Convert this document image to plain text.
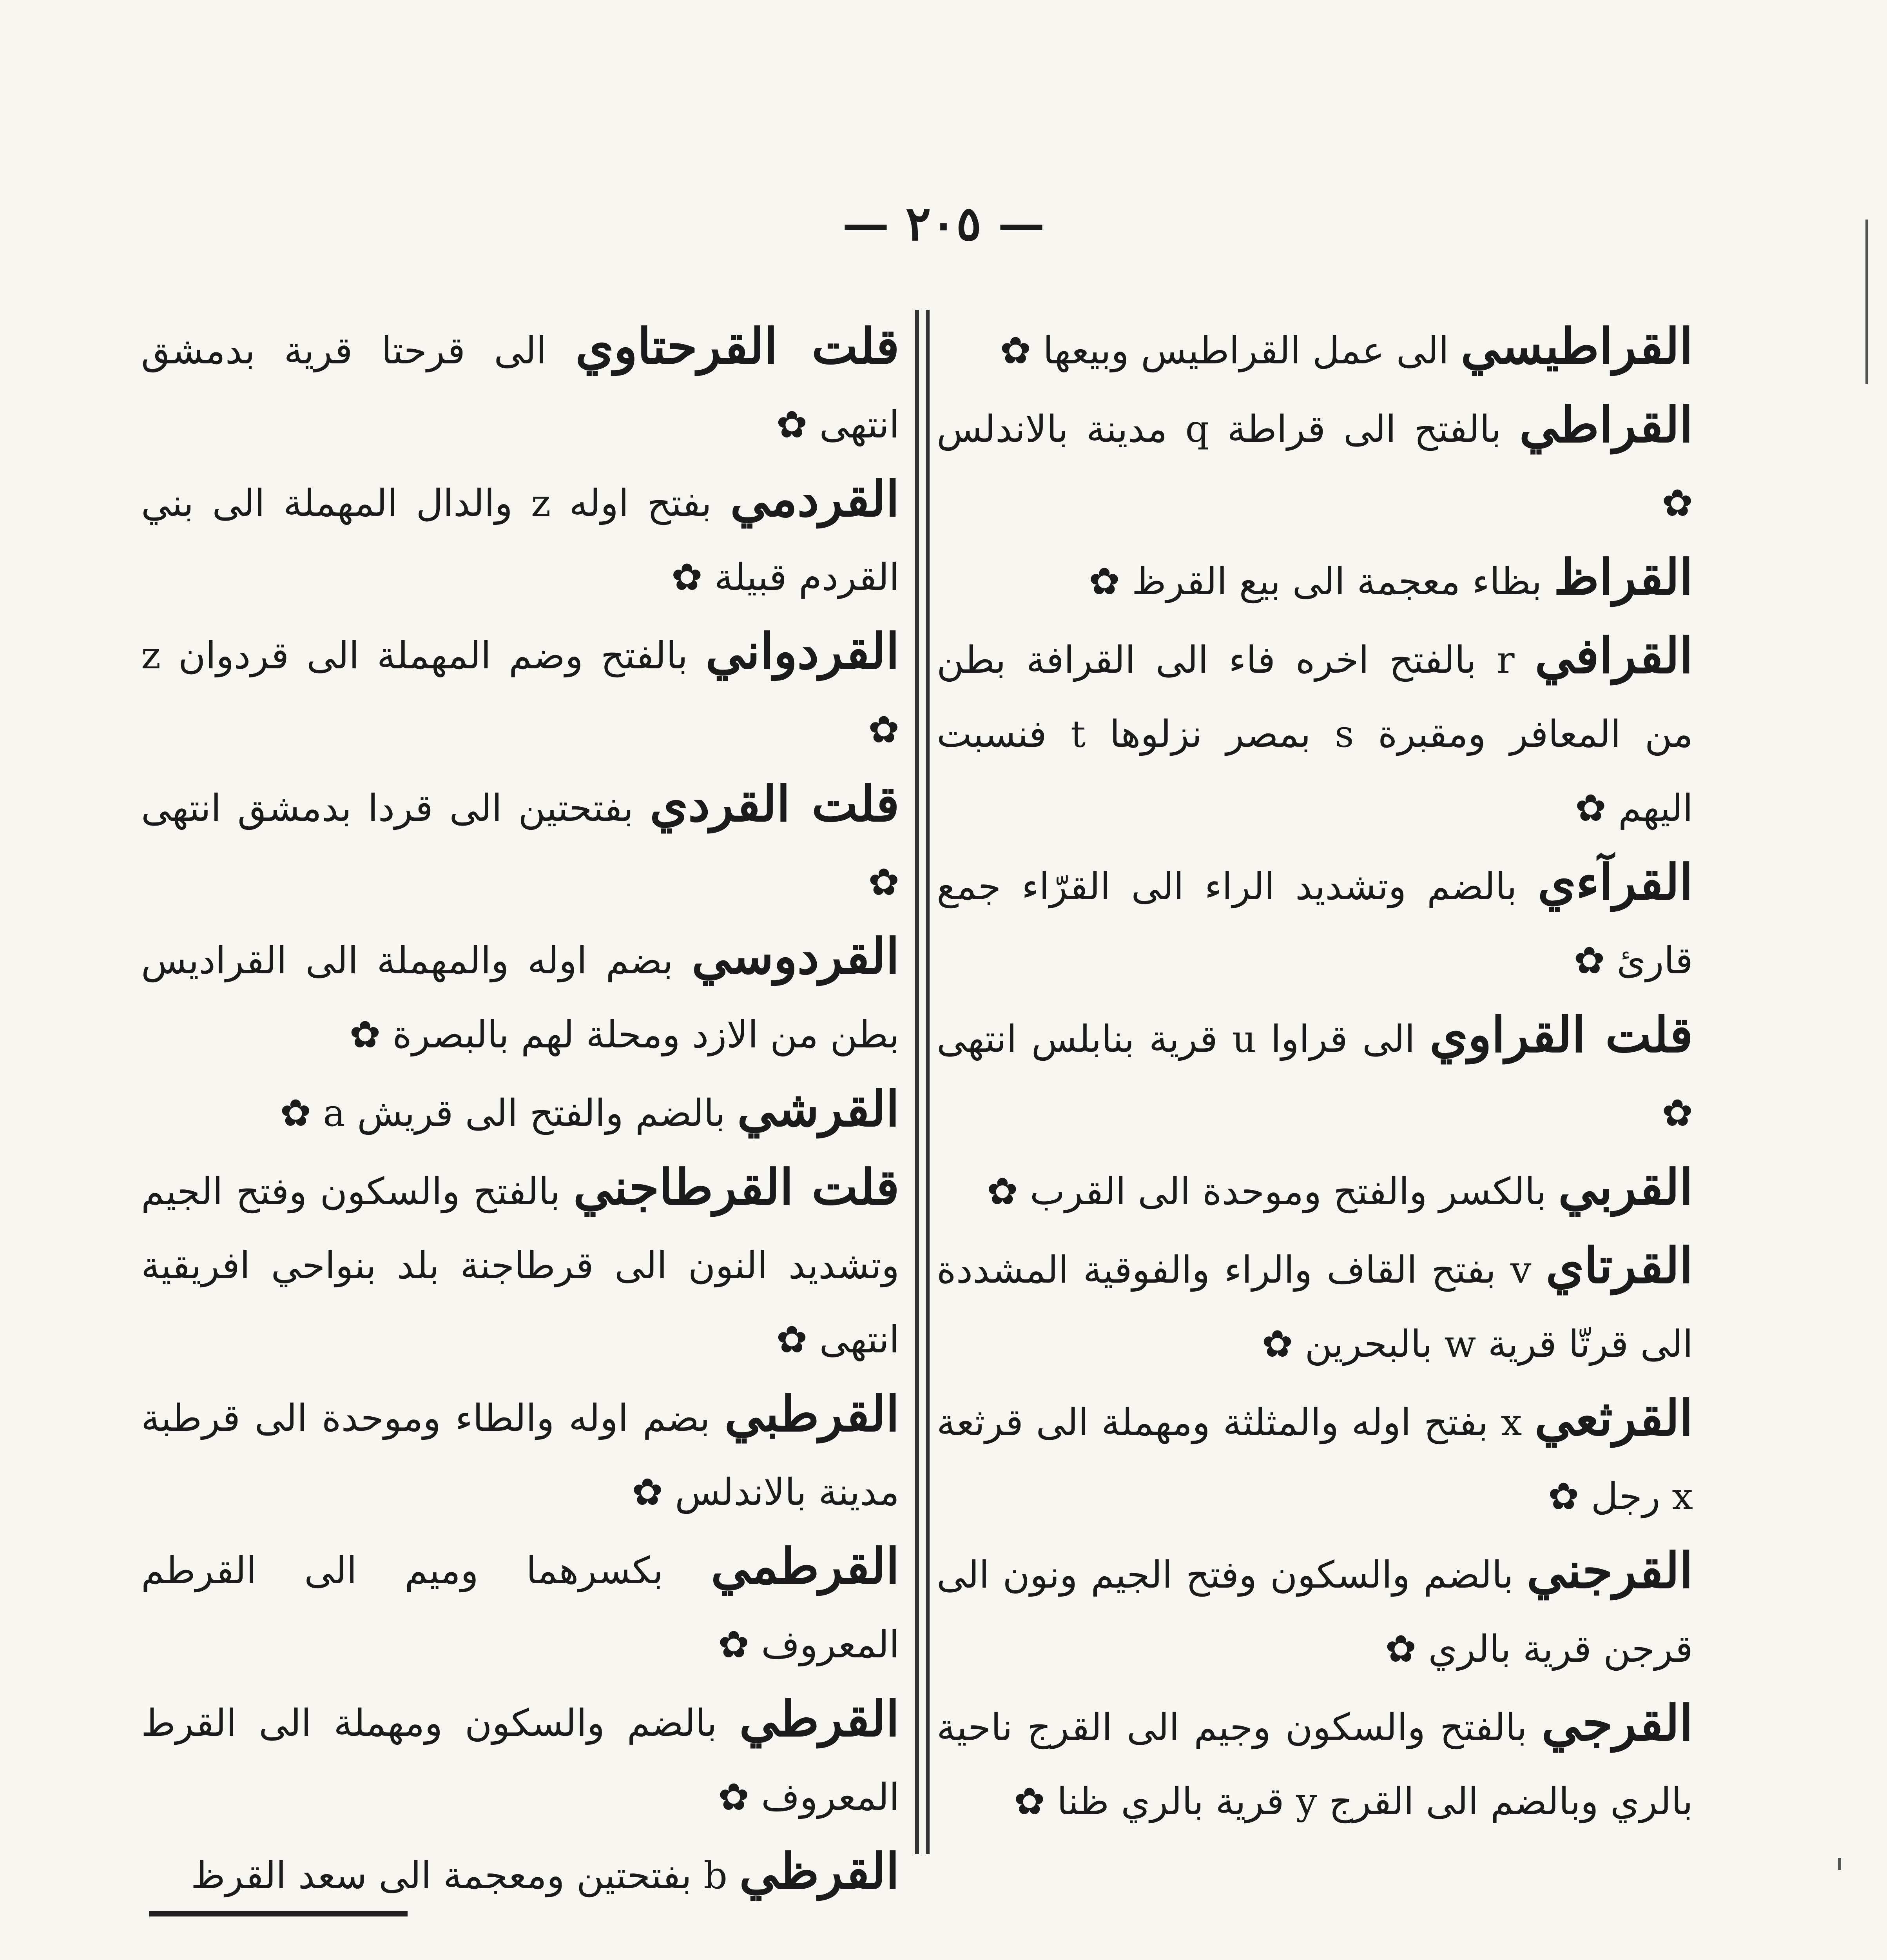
— ٢٠٥ —

القراطيسي الى عمل القراطيس وبيعها ✿

القراطي بالفتح الى قراطة q مدينة بالاندلس ✿

القراظ بظاء معجمة الى بيع القرظ ✿

القرافي r بالفتح اخره فاء الى القرافة بطن من المعافر ومقبرة s بمصر نزلوها t فنسبت اليهم ✿

القرآءي بالضم وتشديد الراء الى القرّاء جمع قارئ ✿

قلت القراوي الى قراوا u قرية بنابلس انتهى ✿

القربي بالكسر والفتح وموحدة الى القرب ✿

القرتاي v بفتح القاف والراء والفوقية المشددة الى قرتّا قرية w بالبحرين ✿

القرثعي x بفتح اوله والمثلثة ومهملة الى قرثعة x رجل ✿

القرجني بالضم والسكون وفتح الجيم ونون الى قرجن قرية بالري ✿

القرجي بالفتح والسكون وجيم الى القرج ناحية بالري وبالضم الى القرج y قرية بالري ظنا ✿

قلت القرحتاوي الى قرحتا قرية بدمشق انتهى ✿

القردمي بفتح اوله z والدال المهملة الى بني القردم قبيلة ✿

القردواني بالفتح وضم المهملة الى قردوان z ✿

قلت القردي بفتحتين الى قردا بدمشق انتهى ✿

القردوسي بضم اوله والمهملة الى القراديس بطن من الازد ومحلة لهم بالبصرة ✿

القرشي بالضم والفتح الى قريش a ✿

قلت القرطاجني بالفتح والسكون وفتح الجيم وتشديد النون الى قرطاجنة بلد بنواحي افريقية انتهى ✿

القرطبي بضم اوله والطاء وموحدة الى قرطبة مدينة بالاندلس ✿

القرطمي بكسرهما وميم الى القرطم المعروف ✿

القرطي بالضم والسكون ومهملة الى القرط المعروف ✿

القرظي b بفتحتين ومعجمة الى سعد القرظ
